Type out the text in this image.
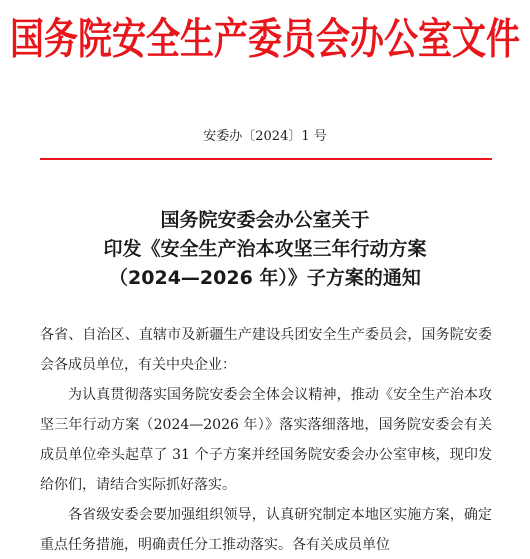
国务院安全生产委员会办公室文件
安委办〔2024〕1 号
国务院安委会办公室关于
印发《安全生产治本攻坚三年行动方案
（2024—2026 年）》子方案的通知

各省、自治区、直辖市及新疆生产建设兵团安全生产委员会，国务院安委会各成员单位，有关中央企业：

为认真贯彻落实国务院安委会全体会议精神，推动《安全生产治本攻坚三年行动方案（2024—2026 年）》落实落细落地，国务院安委会有关成员单位牵头起草了 31 个子方案并经国务院安委会办公室审核，现印发给你们，请结合实际抓好落实。

各省级安委会要加强组织领导，认真研究制定本地区实施方案，确定重点任务措施，明确责任分工推动落实。各有关成员单位
